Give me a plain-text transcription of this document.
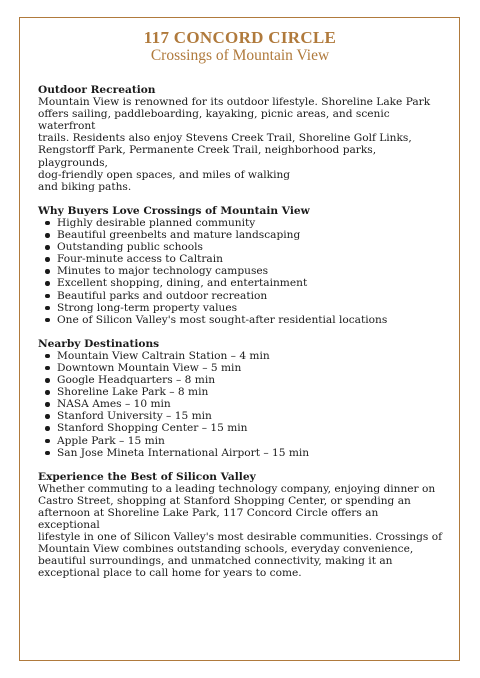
117 CONCORD CIRCLE
Crossings of Mountain View

Outdoor Recreation

Mountain View is renowned for its outdoor lifestyle. Shoreline Lake Park
offers sailing, paddleboarding, kayaking, picnic areas, and scenic waterfront
trails. Residents also enjoy Stevens Creek Trail, Shoreline Golf Links,
Rengstorff Park, Permanente Creek Trail, neighborhood parks, playgrounds,
dog-friendly open spaces, and miles of walking
and biking paths.

Why Buyers Love Crossings of Mountain View

Highly desirable planned community
Beautiful greenbelts and mature landscaping
Outstanding public schools
Four-minute access to Caltrain
Minutes to major technology campuses
Excellent shopping, dining, and entertainment
Beautiful parks and outdoor recreation
Strong long-term property values
One of Silicon Valley's most sought-after residential locations

Nearby Destinations

Mountain View Caltrain Station – 4 min
Downtown Mountain View – 5 min
Google Headquarters – 8 min
Shoreline Lake Park – 8 min
NASA Ames – 10 min
Stanford University – 15 min
Stanford Shopping Center – 15 min
Apple Park – 15 min
San Jose Mineta International Airport – 15 min

Experience the Best of Silicon Valley

Whether commuting to a leading technology company, enjoying dinner on
Castro Street, shopping at Stanford Shopping Center, or spending an
afternoon at Shoreline Lake Park, 117 Concord Circle offers an exceptional
lifestyle in one of Silicon Valley's most desirable communities. Crossings of
Mountain View combines outstanding schools, everyday convenience,
beautiful surroundings, and unmatched connectivity, making it an
exceptional place to call home for years to come.
